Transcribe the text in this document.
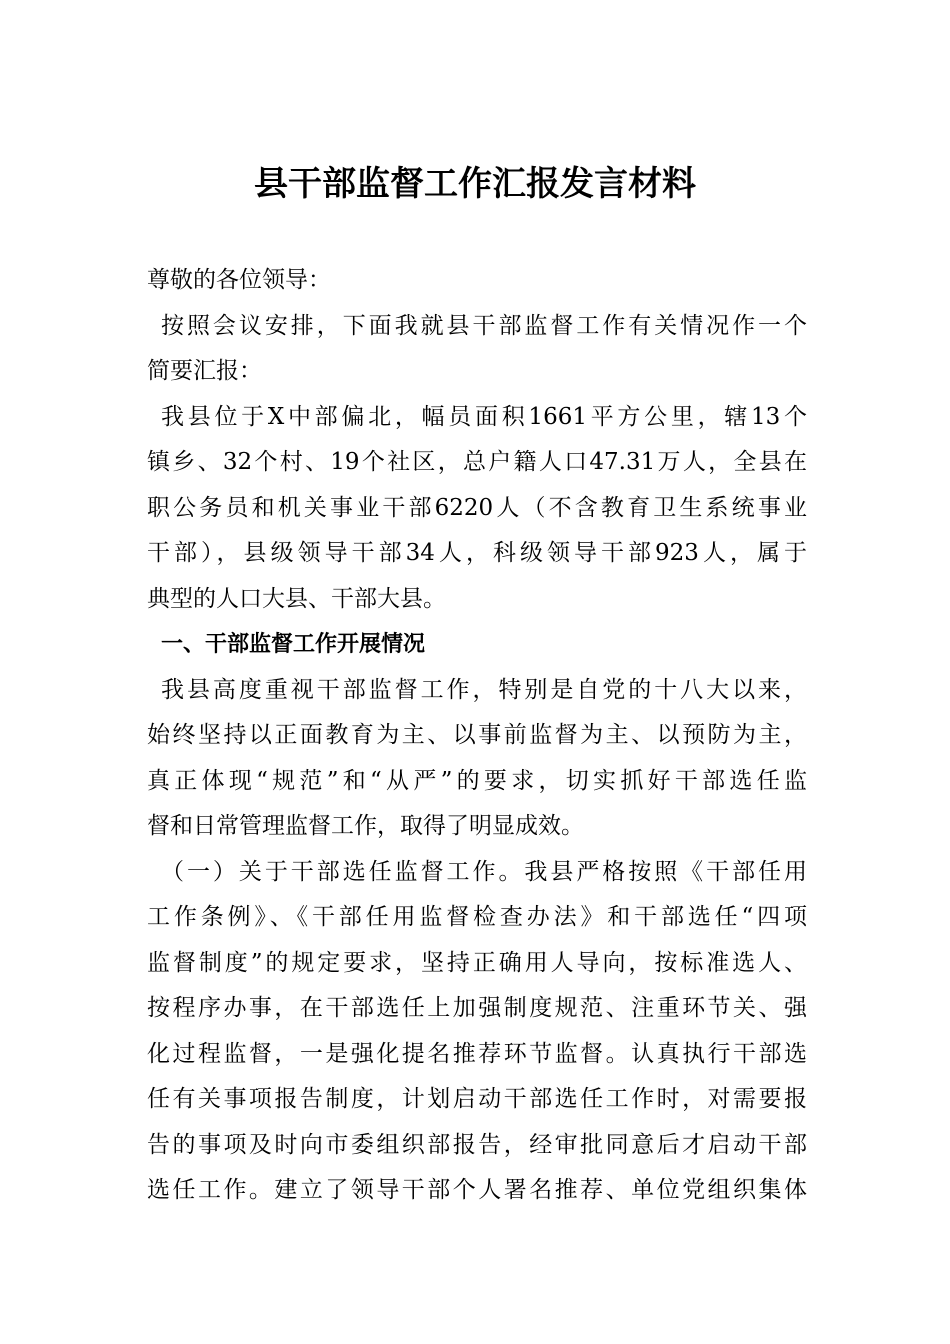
县干部监督工作汇报发言材料

尊敬的各位领导：

按照会议安排，下面我就县干部监督工作有关情况作一个
简要汇报：

我县位于X中部偏北，幅员面积1661平方公里，辖13个
镇乡、32个村、19个社区，总户籍人口47.31万人，全县在
职公务员和机关事业干部6220人（不含教育卫生系统事业
干部），县级领导干部34人，科级领导干部923人，属于
典型的人口大县、干部大县。

一、干部监督工作开展情况

我县高度重视干部监督工作，特别是自党的十八大以来，
始终坚持以正面教育为主、以事前监督为主、以预防为主，
真正体现“规范”和“从严”的要求，切实抓好干部选任监
督和日常管理监督工作，取得了明显成效。

（一）关于干部选任监督工作。我县严格按照《干部任用
工作条例》、《干部任用监督检查办法》和干部选任“四项
监督制度”的规定要求，坚持正确用人导向，按标准选人、
按程序办事，在干部选任上加强制度规范、注重环节关、强
化过程监督，一是强化提名推荐环节监督。认真执行干部选
任有关事项报告制度，计划启动干部选任工作时，对需要报
告的事项及时向市委组织部报告，经审批同意后才启动干部
选任工作。建立了领导干部个人署名推荐、单位党组织集体
